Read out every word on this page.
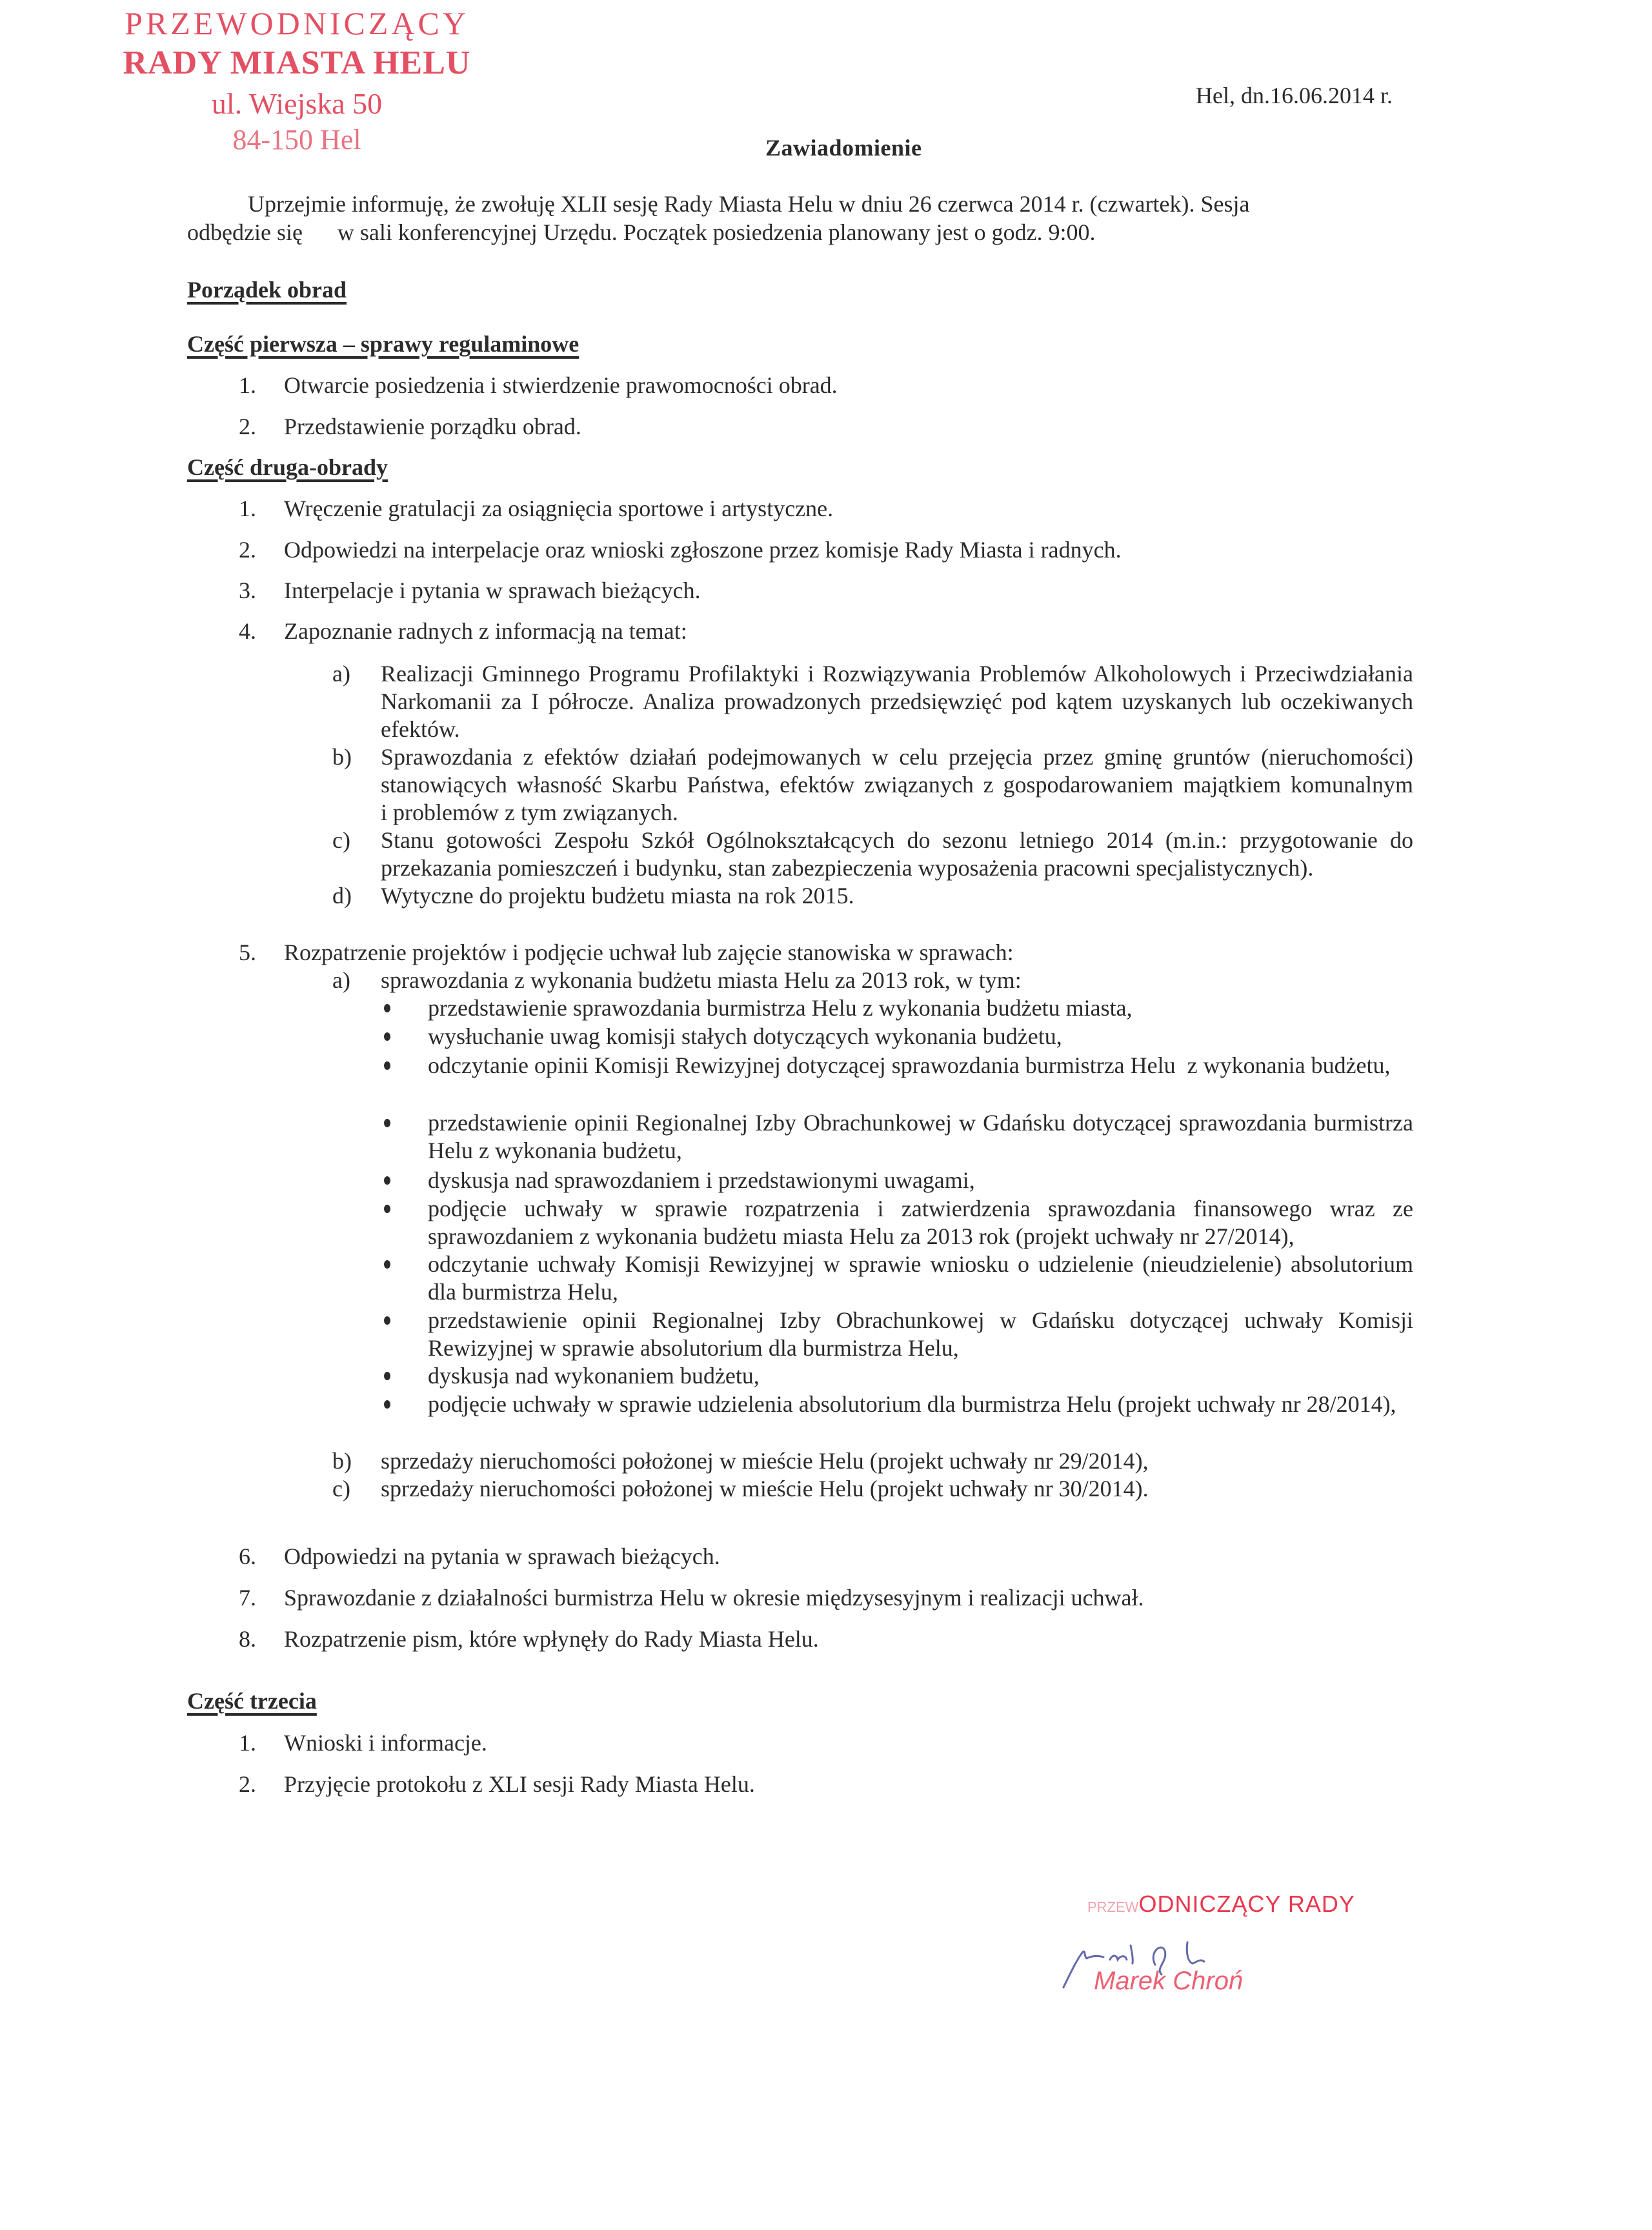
PRZEWODNICZĄCY
RADY MIASTA HELU
ul. Wiejska 50
84-150 Hel
Hel, dn.16.06.2014 r.
Zawiadomienie
Uprzejmie informuję, że zwołuję XLII sesję Rady Miasta Helu w dniu 26 czerwca 2014 r. (czwartek). Sesja
odbędzie się      w sali konferencyjnej Urzędu. Początek posiedzenia planowany jest o godz. 9:00.
Porządek obrad
Część pierwsza – sprawy regulaminowe
1. Otwarcie posiedzenia i stwierdzenie prawomocności obrad.
2. Przedstawienie porządku obrad.
Część druga-obrady
1. Wręczenie gratulacji za osiągnięcia sportowe i artystyczne.
2. Odpowiedzi na interpelacje oraz wnioski zgłoszone przez komisje Rady Miasta i radnych.
3. Interpelacje i pytania w sprawach bieżących.
4. Zapoznanie radnych z informacją na temat:
a) Realizacji Gminnego Programu Profilaktyki i Rozwiązywania Problemów Alkoholowych i Przeciwdziałania Narkomanii za I półrocze. Analiza prowadzonych przedsięwzięć pod kątem uzyskanych lub oczekiwanych efektów.
b) Sprawozdania z efektów działań podejmowanych w celu przejęcia przez gminę gruntów (nieruchomości) stanowiących własność Skarbu Państwa, efektów związanych z gospodarowaniem majątkiem komunalnym          i problemów z tym związanych.
c) Stanu gotowości Zespołu Szkół Ogólnokształcących do sezonu letniego 2014 (m.in.: przygotowanie do przekazania pomieszczeń i budynku, stan zabezpieczenia wyposażenia pracowni specjalistycznych).
d) Wytyczne do projektu budżetu miasta na rok 2015.
5. Rozpatrzenie projektów i podjęcie uchwał lub zajęcie stanowiska w sprawach:
a) sprawozdania z wykonania budżetu miasta Helu za 2013 rok, w tym:
przedstawienie sprawozdania burmistrza Helu z wykonania budżetu miasta,
wysłuchanie uwag komisji stałych dotyczących wykonania budżetu,
odczytanie opinii Komisji Rewizyjnej dotyczącej sprawozdania burmistrza Helu  z wykonania budżetu,
przedstawienie opinii Regionalnej Izby Obrachunkowej w Gdańsku dotyczącej sprawozdania burmistrza Helu z wykonania budżetu,
dyskusja nad sprawozdaniem i przedstawionymi uwagami,
podjęcie uchwały w sprawie rozpatrzenia i zatwierdzenia sprawozdania finansowego wraz ze sprawozdaniem z wykonania budżetu miasta Helu za 2013 rok (projekt uchwały nr 27/2014),
odczytanie uchwały Komisji Rewizyjnej w sprawie wniosku o udzielenie (nieudzielenie) absolutorium dla burmistrza Helu,
przedstawienie opinii Regionalnej Izby Obrachunkowej w Gdańsku dotyczącej uchwały Komisji Rewizyjnej w sprawie absolutorium dla burmistrza Helu,
dyskusja nad wykonaniem budżetu,
podjęcie uchwały w sprawie udzielenia absolutorium dla burmistrza Helu (projekt uchwały nr 28/2014),
b) sprzedaży nieruchomości położonej w mieście Helu (projekt uchwały nr 29/2014),
c) sprzedaży nieruchomości położonej w mieście Helu (projekt uchwały nr 30/2014).
6. Odpowiedzi na pytania w sprawach bieżących.
7. Sprawozdanie z działalności burmistrza Helu w okresie międzysesyjnym i realizacji uchwał.
8. Rozpatrzenie pism, które wpłynęły do Rady Miasta Helu.
Część trzecia
1. Wnioski i informacje.
2. Przyjęcie protokołu z XLI sesji Rady Miasta Helu.
PRZEWODNICZĄCY RADY
Marek Chroń
